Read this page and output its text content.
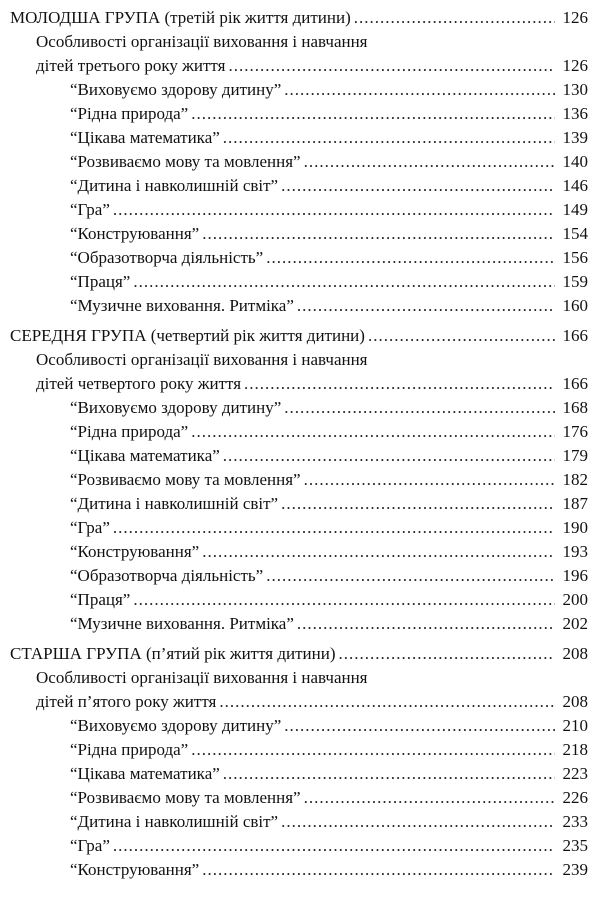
МОЛОДША ГРУПА (третій рік життя дитини) .....	126
Особливості організації виховання і навчання
дітей третього року життя .....	126
“Виховуємо здорову дитину” .....	130
“Рідна природа” .....	136
“Цікава математика” .....	139
“Розвиваємо мову та мовлення” .....	140
“Дитина і навколишній світ” .....	146
“Гра” .....	149
“Конструювання” .....	154
“Образотворча діяльність” .....	156
“Праця” .....	159
“Музичне виховання. Ритміка” .....	160
СЕРЕДНЯ ГРУПА (четвертий рік життя дитини) .....	166
Особливості організації виховання і навчання
дітей четвертого року життя .....	166
“Виховуємо здорову дитину” .....	168
“Рідна природа” .....	176
“Цікава математика” .....	179
“Розвиваємо мову та мовлення” .....	182
“Дитина і навколишній світ” .....	187
“Гра” .....	190
“Конструювання” .....	193
“Образотворча діяльність” .....	196
“Праця” .....	200
“Музичне виховання. Ритміка” .....	202
СТАРША ГРУПА (п’ятий рік життя дитини) .....	208
Особливості організації виховання і навчання
дітей п’ятого року життя .....	208
“Виховуємо здорову дитину” .....	210
“Рідна природа” .....	218
“Цікава математика” .....	223
“Розвиваємо мову та мовлення” .....	226
“Дитина і навколишній світ” .....	233
“Гра” .....	235
“Конструювання” .....	239
